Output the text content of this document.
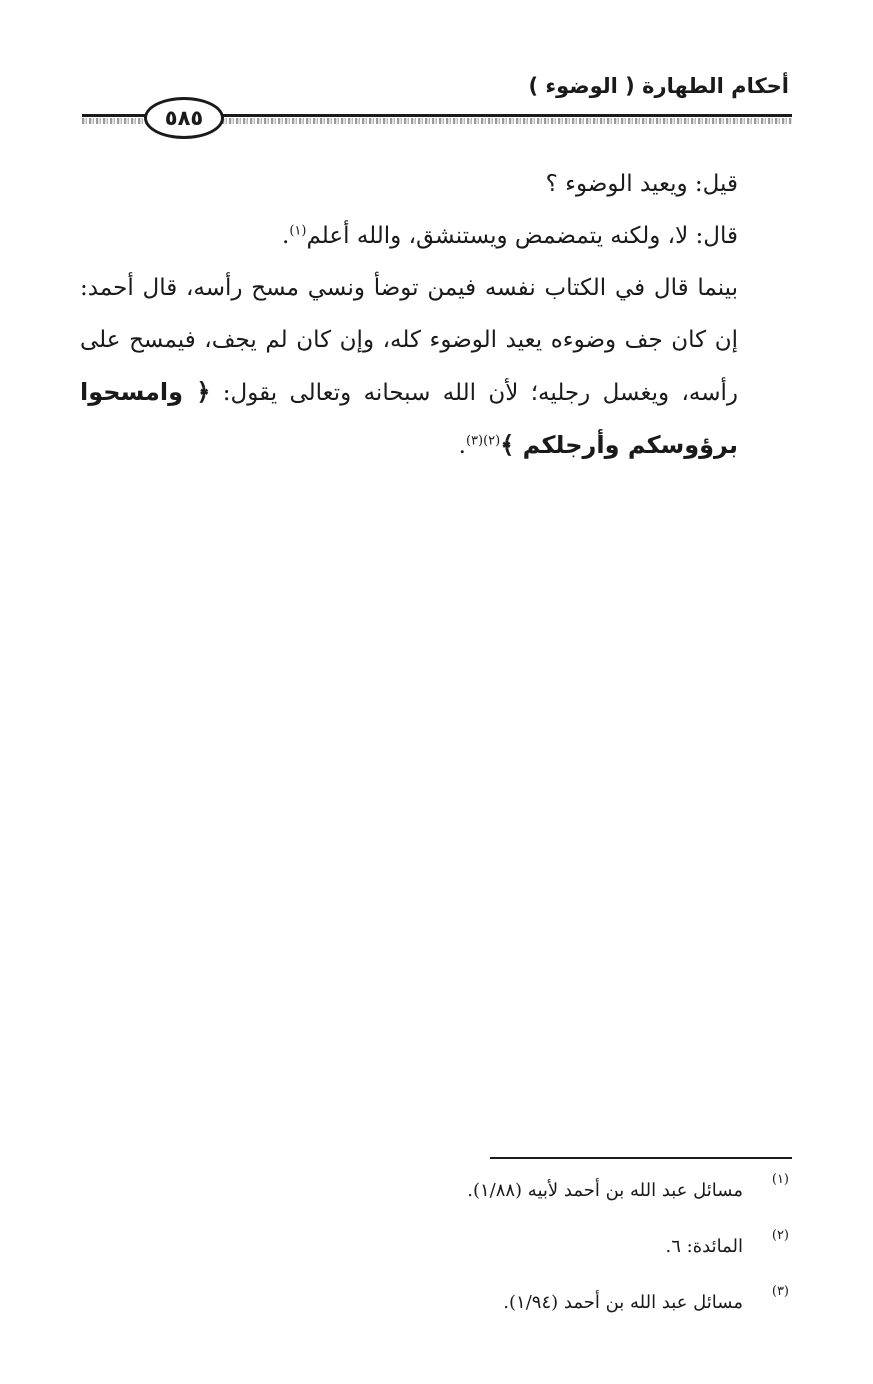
أحكام الطهارة ( الوضوء )
٥٨٥

قيل: ويعيد الوضوء ؟

قال: لا، ولكنه يتمضمض ويستنشق، والله أعلم$^{(١)}$.

بينما قال في الكتاب نفسه فيمن توضأ ونسي مسح رأسه، قال أحمد: إن كان جف وضوءه يعيد الوضوء كله، وإن كان لم يجف، فيمسح على رأسه، ويغسل رجليه؛ لأن الله سبحانه وتعالى يقول: ﴿ وامسحوا برؤوسكم وأرجلكم ﴾$^{(٢)(٣)}$.

(١)
مسائل عبد الله بن أحمد لأبيه (١/٨٨).
(٢)
المائدة: ٦.
(٣)
مسائل عبد الله بن أحمد (١/٩٤).
